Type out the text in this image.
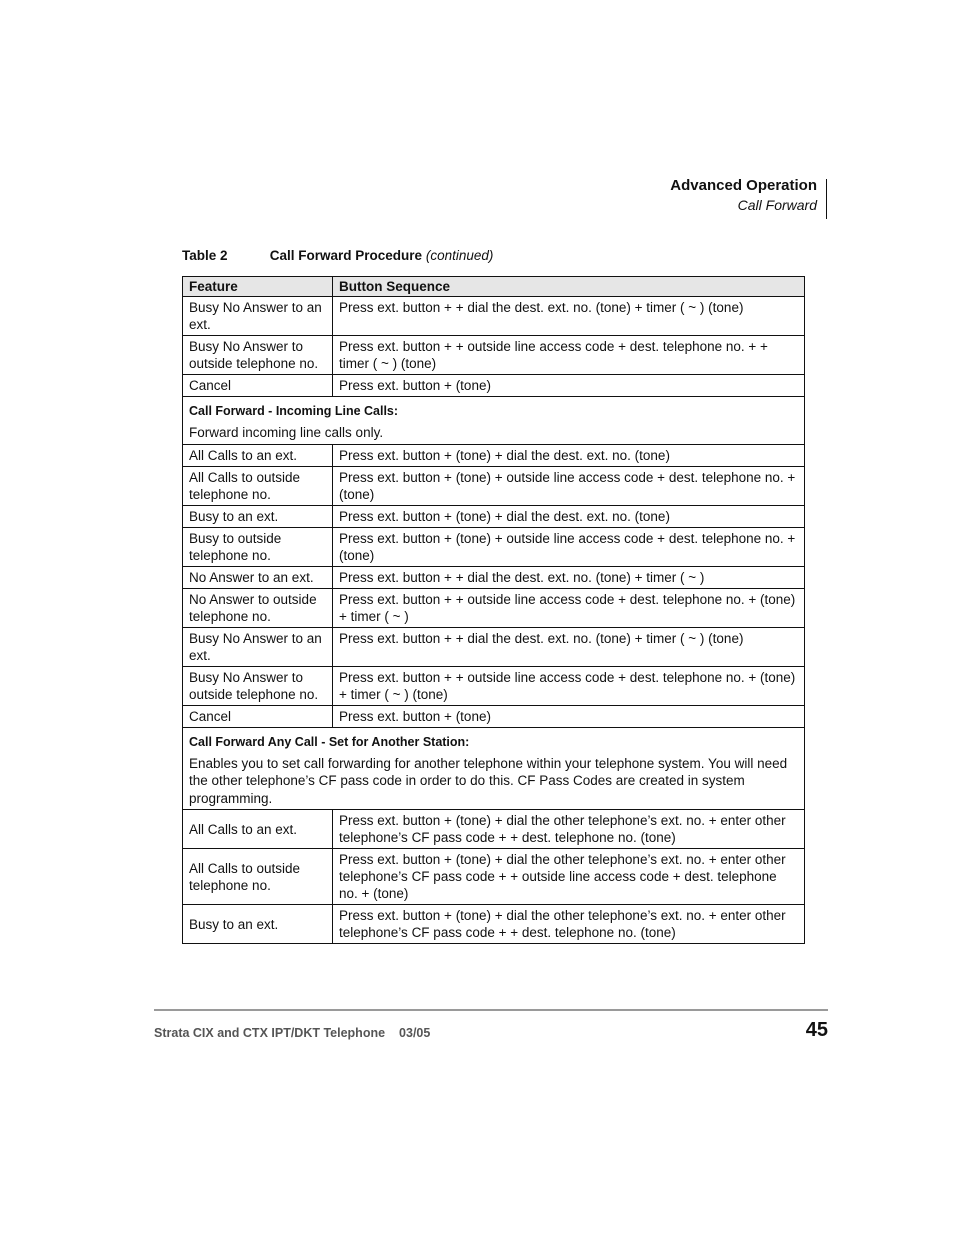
Advanced Operation
Call Forward
Table 2	Call Forward Procedure (continued)
Feature	Button Sequence
Busy No Answer to an ext.	Press ext. button + + dial the dest. ext. no. (tone) + timer ( ~ ) (tone)
Busy No Answer to outside telephone no.	Press ext. button + + outside line access code + dest. telephone no. + + timer ( ~ ) (tone)
Cancel	Press ext. button + (tone)

Call Forward - Incoming Line Calls:
Forward incoming line calls only.	

All Calls to an ext.	Press ext. button + (tone) + dial the dest. ext. no. (tone)
All Calls to outside telephone no.	Press ext. button + (tone) + outside line access code + dest. telephone no. + (tone)
Busy to an ext.	Press ext. button + (tone) + dial the dest. ext. no. (tone)
Busy to outside telephone no.	Press ext. button + (tone) + outside line access code + dest. telephone no. + (tone)
No Answer to an ext.	Press ext. button + + dial the dest. ext. no. (tone) + timer ( ~ )
No Answer to outside telephone no.	Press ext. button + + outside line access code + dest. telephone no. + (tone) + timer ( ~ )
Busy No Answer to an ext.	Press ext. button + + dial the dest. ext. no. (tone) + timer ( ~ ) (tone)
Busy No Answer to outside telephone no.	Press ext. button + + outside line access code + dest. telephone no. + (tone) + timer ( ~ ) (tone)
Cancel	Press ext. button + (tone)

Call Forward Any Call - Set for Another Station:
Enables you to set call forwarding for another telephone within your telephone system. You will need the other telephone’s CF pass code in order to do this. CF Pass Codes are created in system programming.	

All Calls to an ext.	Press ext. button + (tone) + dial the other telephone’s ext. no. + enter other telephone’s CF pass code + + dest. telephone no. (tone)
All Calls to outside telephone no.	Press ext. button + (tone) + dial the other telephone’s ext. no. + enter other telephone’s CF pass code + + outside line access code + dest. telephone no. + (tone)
Busy to an ext.	Press ext. button + (tone) + dial the other telephone’s ext. no. + enter other telephone’s CF pass code + + dest. telephone no. (tone)
Strata CIX and CTX IPT/DKT Telephone 03/05	45
